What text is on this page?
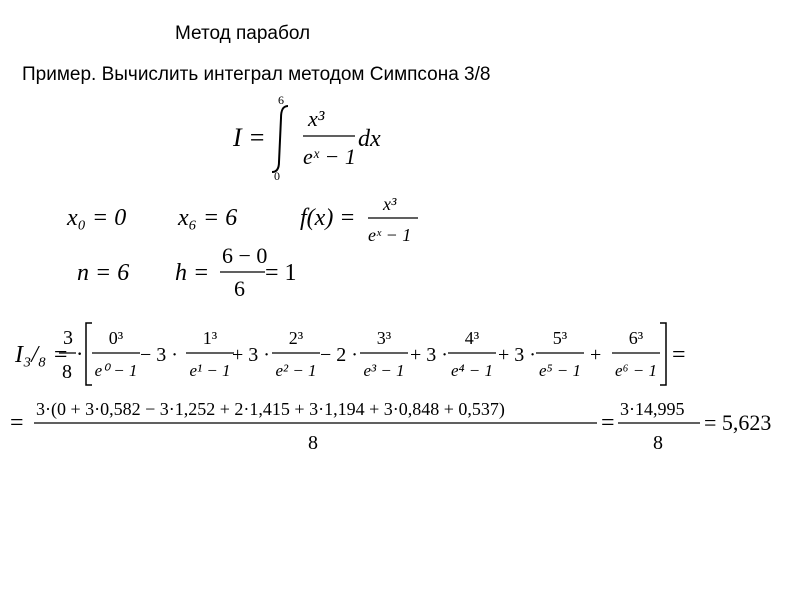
Метод парабол
Пример. Вычислить интеграл методом Симпсона 3/8
I =
6
0
x³
eˣ − 1
dx
x₀ = 0 x₆ = 6	f(x) =
x³
eˣ − 1
n = 6 h =
6 − 0
6
= 1
I₃/₈ =
3
8
·
0³
e⁰ − 1
− 3 ·
1³
e¹ − 1
+ 3 ·
2³
e² − 1
− 2 ·
3³
e³ − 1
+ 3 ·
4³
e⁴ − 1
+ 3 ·
5³
e⁵ − 1
+
6³
e⁶ − 1
=
=
3·(0 + 3·0,582 − 3·1,252 + 2·1,415 + 3·1,194 + 3·0,848 + 0,537)
8
=
3·14,995
8
= 5,623
